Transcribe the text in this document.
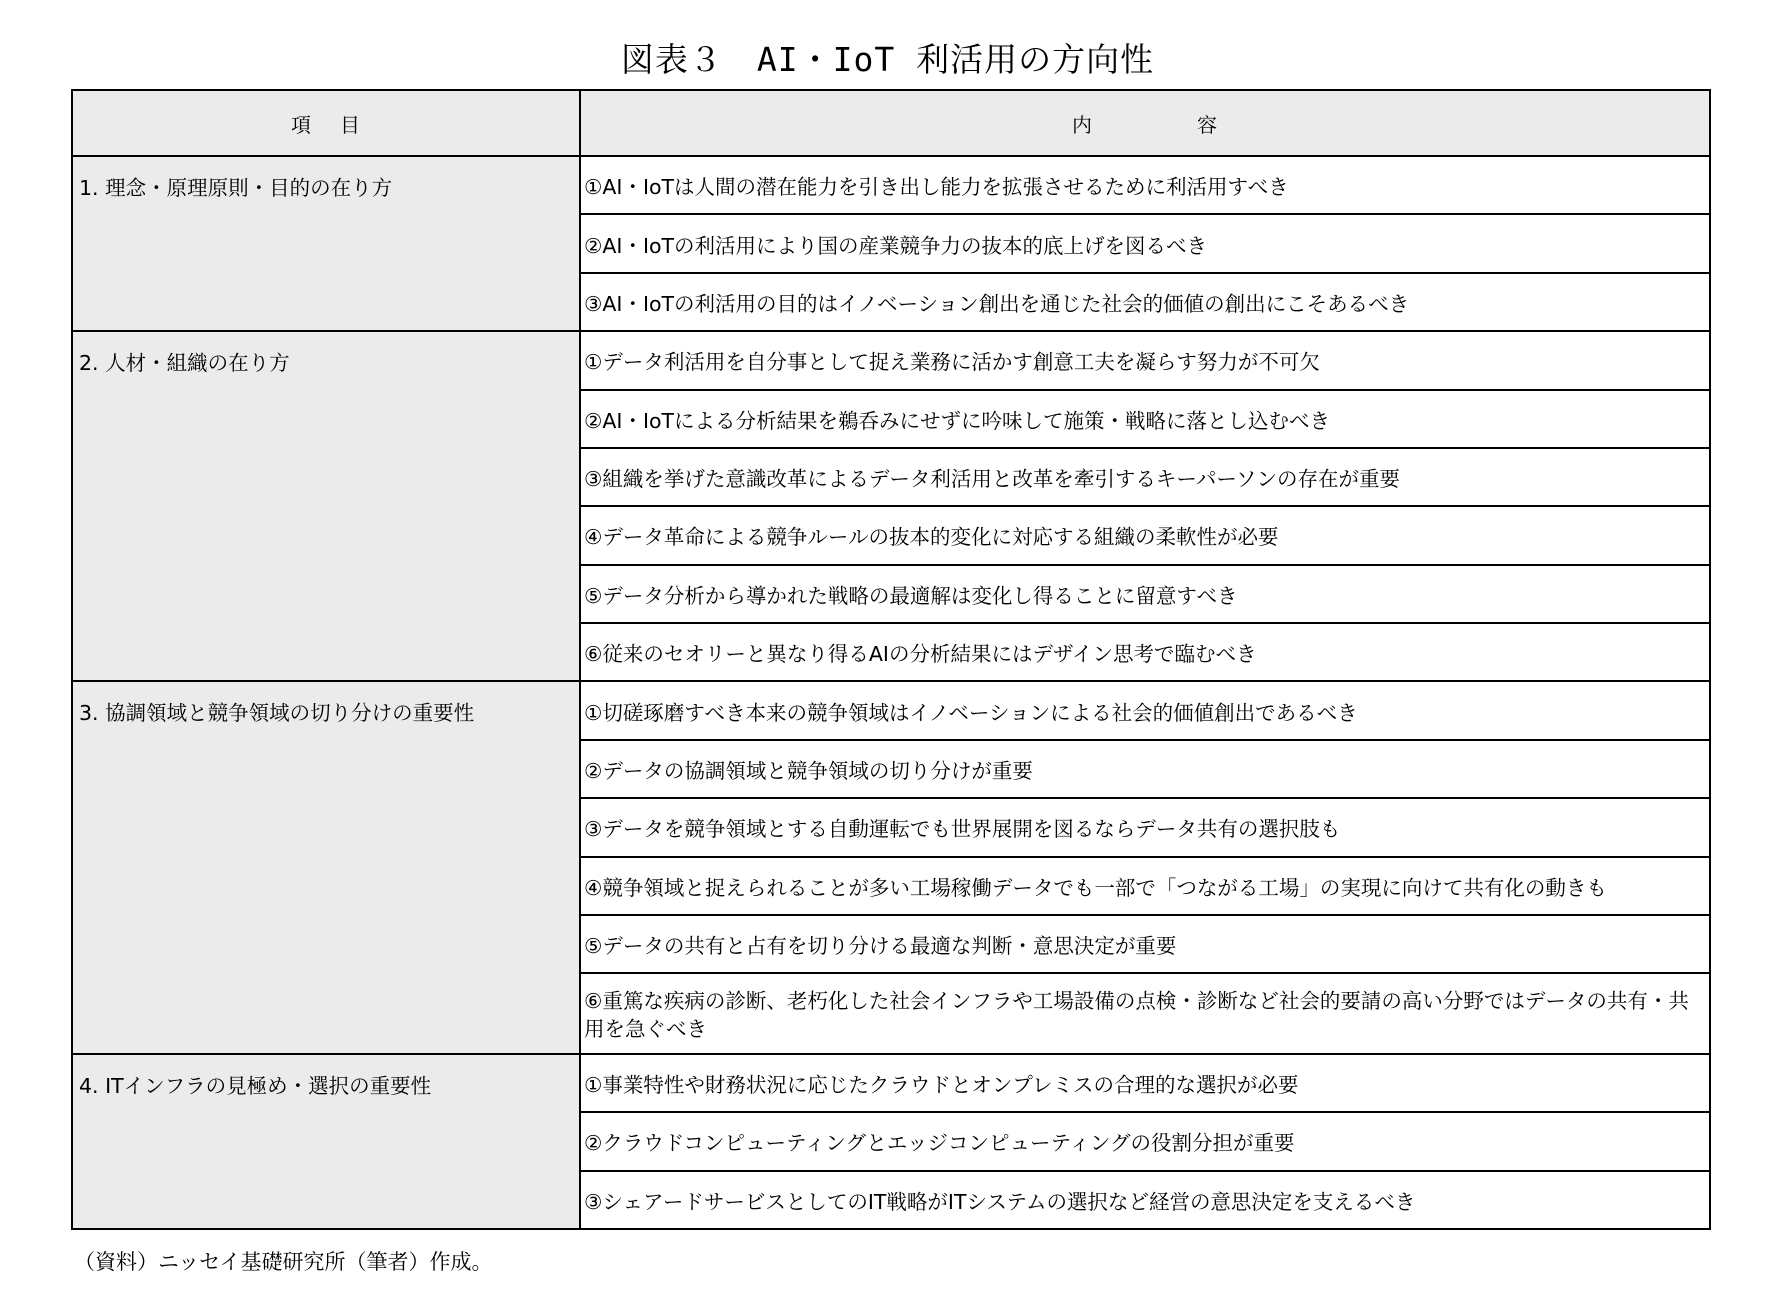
図表３　AI・IoT 利活用の方向性
項 目	内 容
1. 理念・原理原則・目的の在り方	①AI・IoTは人間の潜在能力を引き出し能力を拡張させるために利活用すべき
	②AI・IoTの利活用により国の産業競争力の抜本的底上げを図るべき
	③AI・IoTの利活用の目的はイノベーション創出を通じた社会的価値の創出にこそあるべき
2. 人材・組織の在り方	①データ利活用を自分事として捉え業務に活かす創意工夫を凝らす努力が不可欠
	②AI・IoTによる分析結果を鵜呑みにせずに吟味して施策・戦略に落とし込むべき
	③組織を挙げた意識改革によるデータ利活用と改革を牽引するキーパーソンの存在が重要
	④データ革命による競争ルールの抜本的変化に対応する組織の柔軟性が必要
	⑤データ分析から導かれた戦略の最適解は変化し得ることに留意すべき
	⑥従来のセオリーと異なり得るAIの分析結果にはデザイン思考で臨むべき
3. 協調領域と競争領域の切り分けの重要性	①切磋琢磨すべき本来の競争領域はイノベーションによる社会的価値創出であるべき
	②データの協調領域と競争領域の切り分けが重要
	③データを競争領域とする自動運転でも世界展開を図るならデータ共有の選択肢も
	④競争領域と捉えられることが多い工場稼働データでも一部で「つながる工場」の実現に向けて共有化の動きも
	⑤データの共有と占有を切り分ける最適な判断・意思決定が重要
	⑥重篤な疾病の診断、老朽化した社会インフラや工場設備の点検・診断など社会的要請の高い分野ではデータの共有・共用を急ぐべき
4. ITインフラの見極め・選択の重要性	①事業特性や財務状況に応じたクラウドとオンプレミスの合理的な選択が必要
	②クラウドコンピューティングとエッジコンピューティングの役割分担が重要
	③シェアードサービスとしてのIT戦略がITシステムの選択など経営の意思決定を支えるべき
（資料）ニッセイ基礎研究所（筆者）作成。
